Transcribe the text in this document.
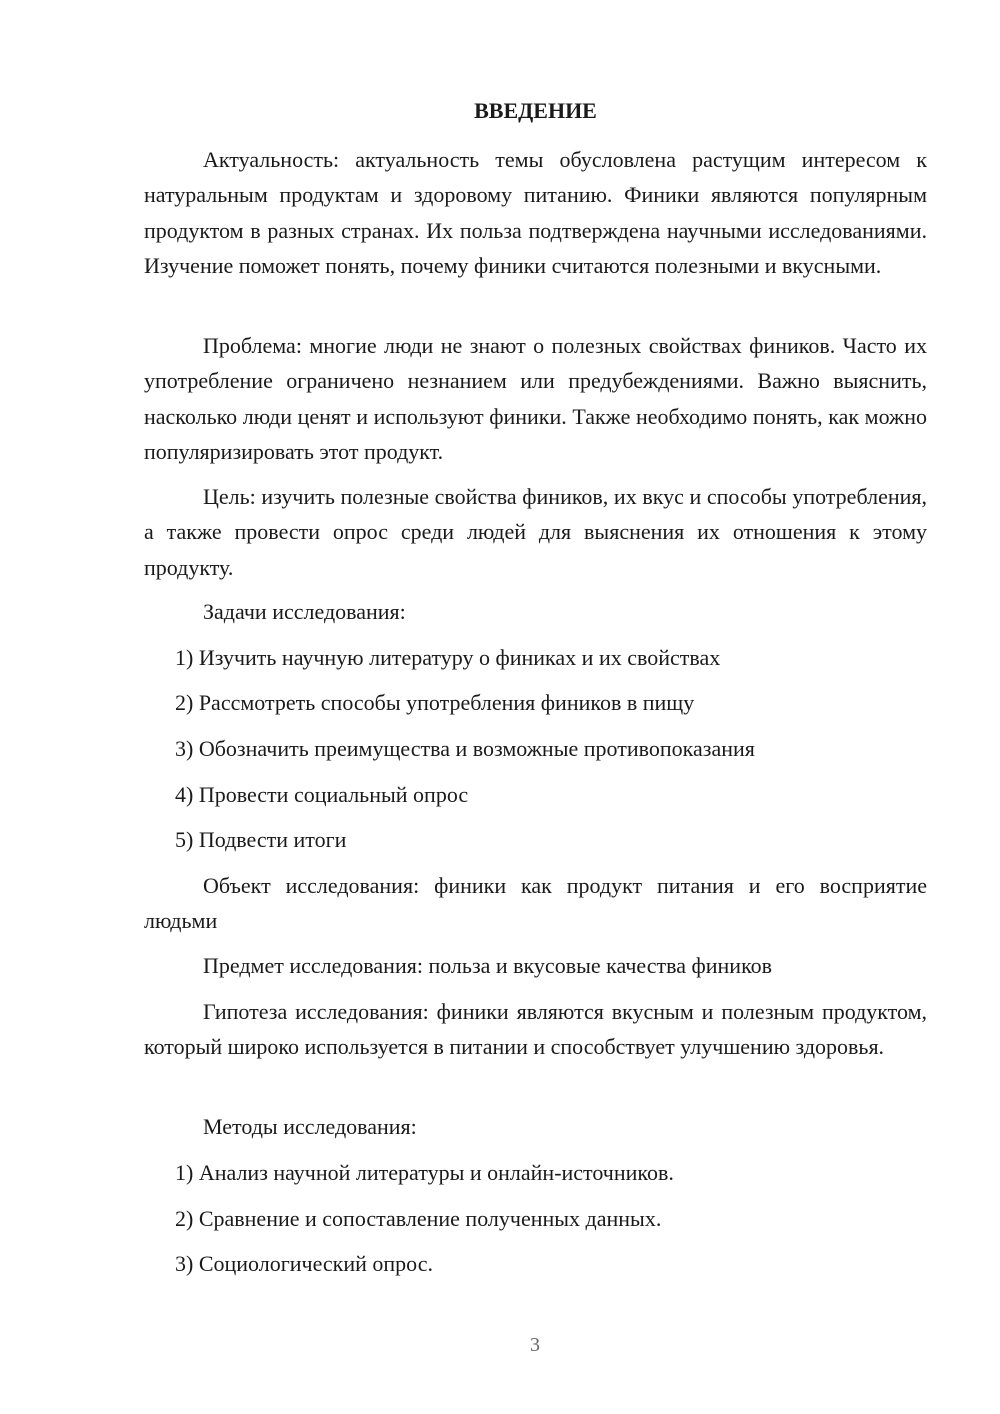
ВВЕДЕНИЕ

Актуальность: актуальность темы обусловлена растущим интересом к натуральным продуктам и здоровому питанию. Финики являются популярным продуктом в разных странах. Их польза подтверждена научными исследованиями. Изучение поможет понять, почему финики считаются полезными и вкусными.

Проблема: многие люди не знают о полезных свойствах фиников. Часто их употребление ограничено незнанием или предубеждениями. Важно выяснить, насколько люди ценят и используют финики. Также необходимо понять, как можно популяризировать этот продукт.

Цель: изучить полезные свойства фиников, их вкус и способы употребления, а также провести опрос среди людей для выяснения их отношения к этому продукту.

Задачи исследования:

1) Изучить научную литературу о финиках и их свойствах

2) Рассмотреть способы употребления фиников в пищу

3) Обозначить преимущества и возможные противопоказания

4) Провести социальный опрос

5) Подвести итоги

Объект исследования: финики как продукт питания и его восприятие людьми

Предмет исследования: польза и вкусовые качества фиников

Гипотеза исследования: финики являются вкусным и полезным продуктом, который широко используется в питании и способствует улучшению здоровья.

Методы исследования:

1) Анализ научной литературы и онлайн-источников.

2) Сравнение и сопоставление полученных данных.

3) Социологический опрос.

3
